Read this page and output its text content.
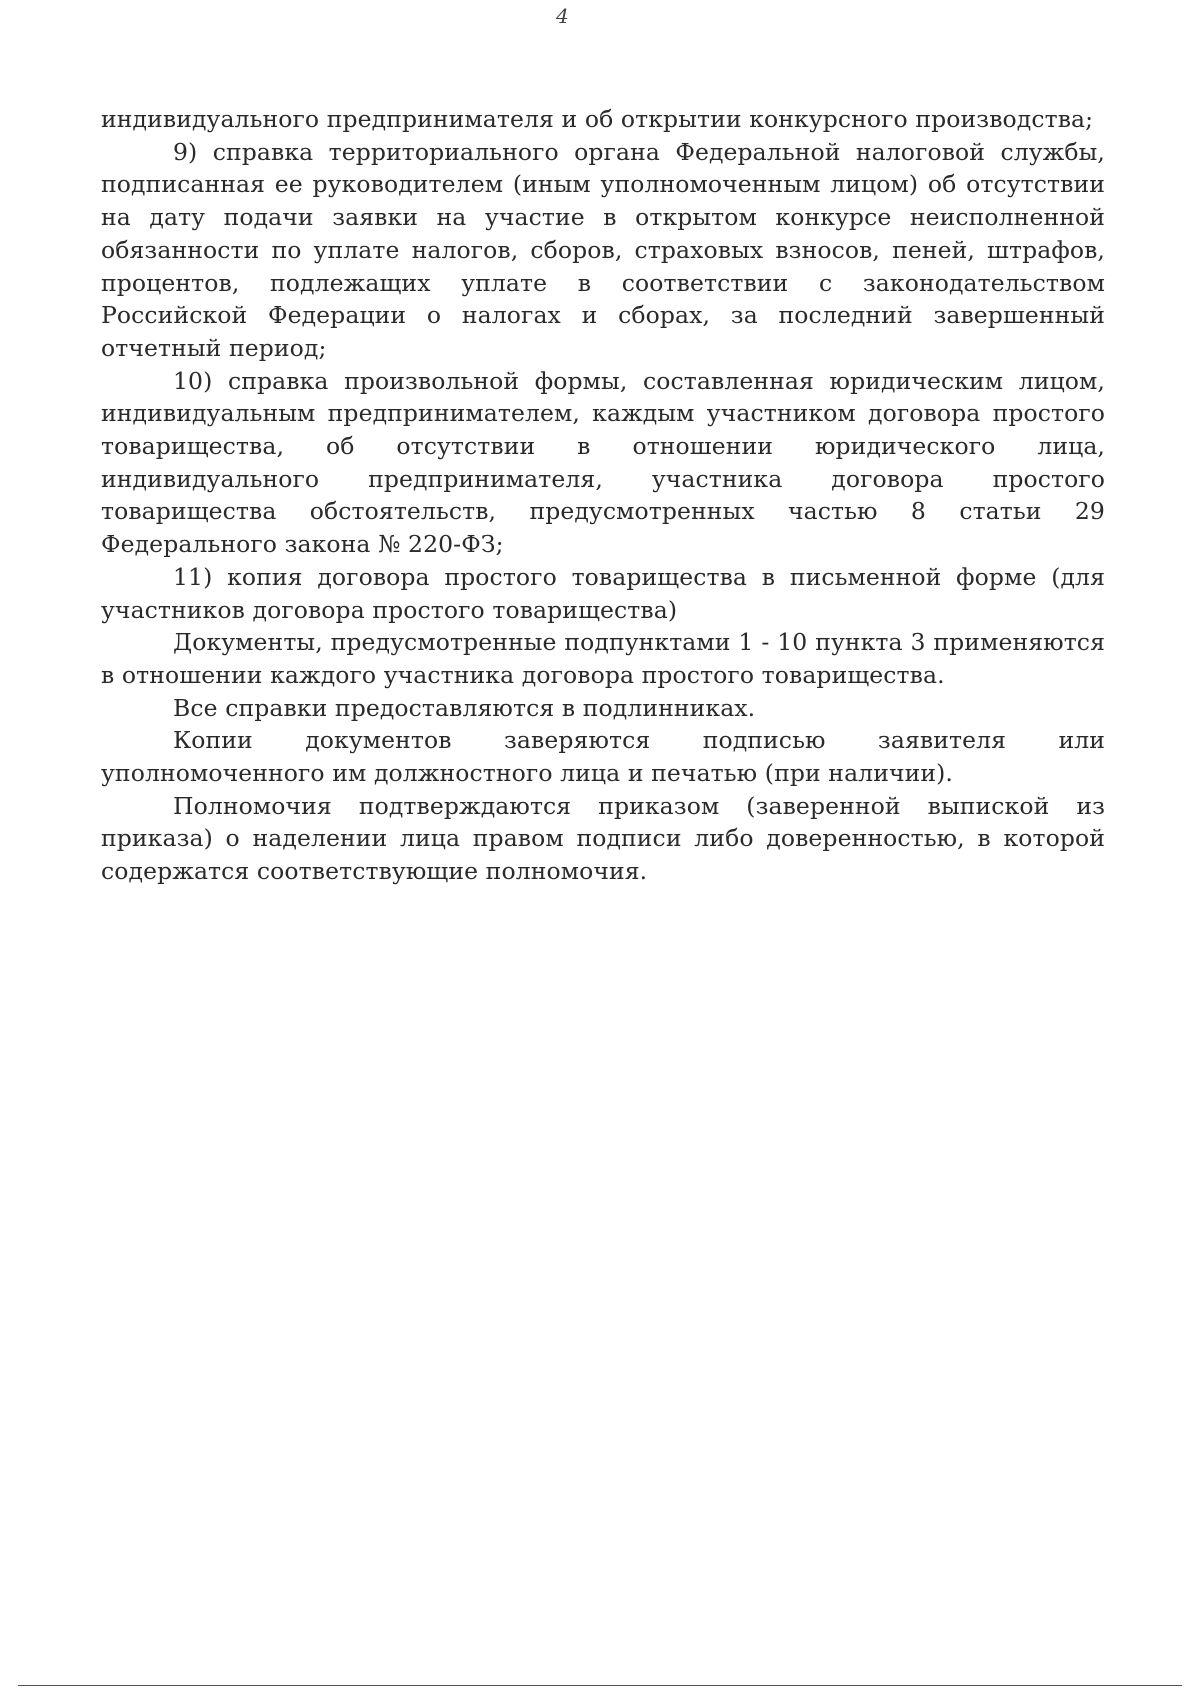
4

индивидуального предпринимателя и об открытии конкурсного производства;

9) справка территориального органа Федеральной налоговой службы, подписанная ее руководителем (иным уполномоченным лицом) об отсутствии на дату подачи заявки на участие в открытом конкурсе неисполненной обязанности по уплате налогов, сборов, страховых взносов, пеней, штрафов, процентов, подлежащих уплате в соответствии с законодательством Российской Федерации о налогах и сборах, за последний завершенный отчетный период;

10) справка произвольной формы, составленная юридическим лицом, индивидуальным предпринимателем, каждым участником договора простого товарищества, об отсутствии в отношении юридического лица, индивидуального предпринимателя, участника договора простого товарищества обстоятельств, предусмотренных частью 8 статьи 29 Федерального закона № 220-ФЗ;

11) копия договора простого товарищества в письменной форме (для участников договора простого товарищества)

Документы, предусмотренные подпунктами 1 - 10 пункта 3 применяются в отношении каждого участника договора простого товарищества.

Все справки предоставляются в подлинниках.

Копии документов заверяются подписью заявителя или уполномоченного им должностного лица и печатью (при наличии).

Полномочия подтверждаются приказом (заверенной выпиской из приказа) о наделении лица правом подписи либо доверенностью, в которой содержатся соответствующие полномочия.
